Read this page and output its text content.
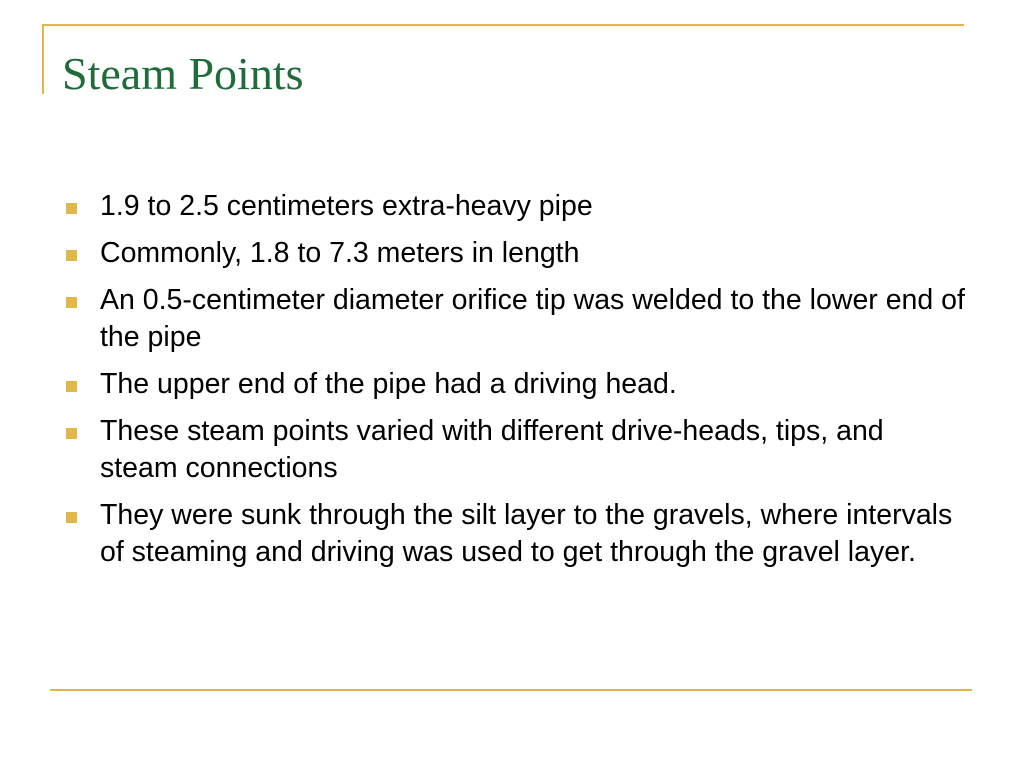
Steam Points
1.9 to 2.5 centimeters extra-heavy pipe
Commonly, 1.8 to 7.3 meters in length
An 0.5-centimeter diameter orifice tip was welded to the lower end of the pipe
The upper end of the pipe had a driving head.
These steam points varied with different drive-heads, tips, and steam connections
They were sunk through the silt layer to the gravels, where intervals of steaming and driving was used to get through the gravel layer.
